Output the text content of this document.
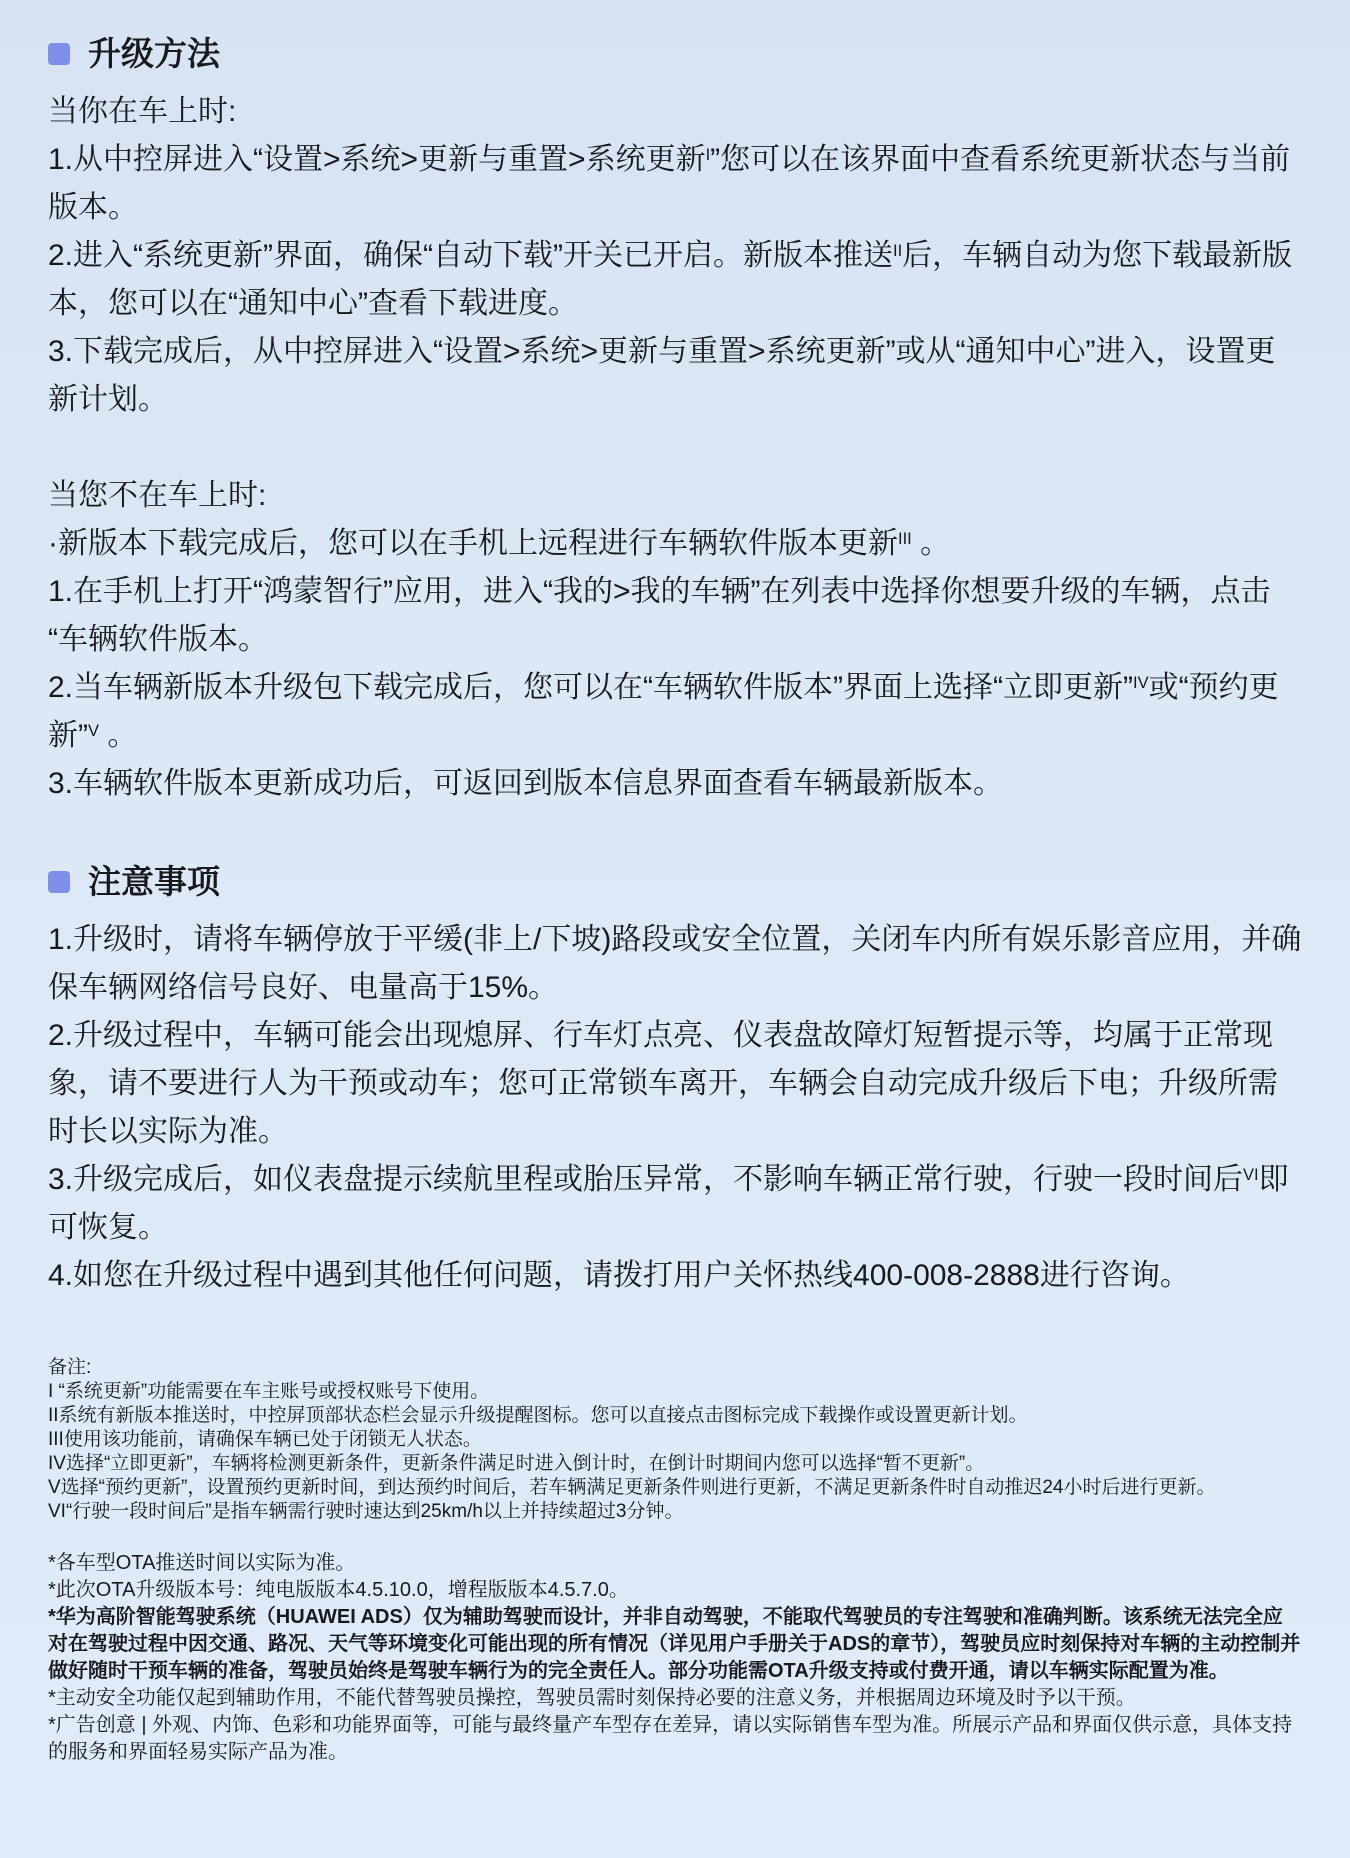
升级方法

当你在车上时:

1.从中控屏进入“设置>系统>更新与重置>系统更新$^I$”您可以在该界面中查看系统更新状态与当前版本。

2.进入“系统更新”界面，确保“自动下载”开关已开启。新版本推送$^{II}$后，车辆自动为您下载最新版本，您可以在“通知中心”查看下载进度。

3.下载完成后，从中控屏进入“设置>系统>更新与重置>系统更新”或从“通知中心”进入，设置更新计划。

当您不在车上时:

·新版本下载完成后，您可以在手机上远程进行车辆软件版本更新$^{III}$ 。

1.在手机上打开“鸿蒙智行”应用，进入“我的>我的车辆”在列表中选择你想要升级的车辆，点击“车辆软件版本。

2.当车辆新版本升级包下载完成后，您可以在“车辆软件版本”界面上选择“立即更新”$^{IV}$或“预约更新”$^V$ 。

3.车辆软件版本更新成功后，可返回到版本信息界面查看车辆最新版本。

注意事项

1.升级时，请将车辆停放于平缓(非上/下坡)路段或安全位置，关闭车内所有娱乐影音应用，并确保车辆网络信号良好、电量高于15%。

2.升级过程中，车辆可能会出现熄屏、行车灯点亮、仪表盘故障灯短暂提示等，均属于正常现象，请不要进行人为干预或动车；您可正常锁车离开，车辆会自动完成升级后下电；升级所需时长以实际为准。

3.升级完成后，如仪表盘提示续航里程或胎压异常，不影响车辆正常行驶，行驶一段时间后$^{VI}$即可恢复。

4.如您在升级过程中遇到其他任何问题，请拨打用户关怀热线400-008-2888进行咨询。

备注:

I “系统更新”功能需要在车主账号或授权账号下使用。

II系统有新版本推送时，中控屏顶部状态栏会显示升级提醒图标。您可以直接点击图标完成下载操作或设置更新计划。

III使用该功能前，请确保车辆已处于闭锁无人状态。

IV选择“立即更新”，车辆将检测更新条件，更新条件满足时进入倒计时，在倒计时期间内您可以选择“暂不更新”。

V选择“预约更新”，设置预约更新时间，到达预约时间后，若车辆满足更新条件则进行更新，不满足更新条件时自动推迟24小时后进行更新。

VI“行驶一段时间后”是指车辆需行驶时速达到25km/h以上并持续超过3分钟。

*各车型OTA推送时间以实际为准。

*此次OTA升级版本号：纯电版版本4.5.10.0，增程版版本4.5.7.0。

*华为高阶智能驾驶系统（HUAWEI ADS）仅为辅助驾驶而设计，并非自动驾驶，不能取代驾驶员的专注驾驶和准确判断。该系统无法完全应对在驾驶过程中因交通、路况、天气等环境变化可能出现的所有情况（详见用户手册关于ADS的章节），驾驶员应时刻保持对车辆的主动控制并做好随时干预车辆的准备，驾驶员始终是驾驶车辆行为的完全责任人。部分功能需OTA升级支持或付费开通，请以车辆实际配置为准。

*主动安全功能仅起到辅助作用，不能代替驾驶员操控，驾驶员需时刻保持必要的注意义务，并根据周边环境及时予以干预。

*广告创意 | 外观、内饰、色彩和功能界面等，可能与最终量产车型存在差异，请以实际销售车型为准。所展示产品和界面仅供示意，具体支持的服务和界面轻易实际产品为准。
